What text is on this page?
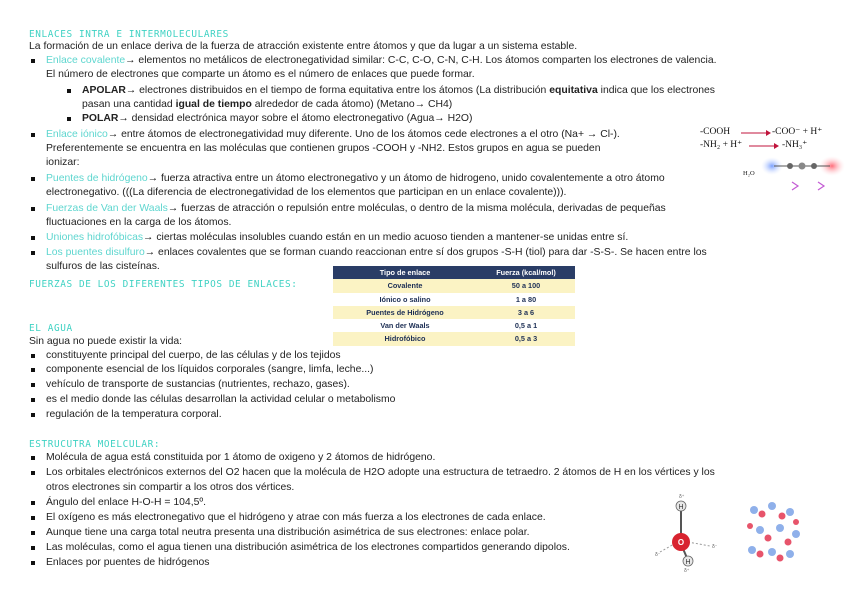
ENLACES INTRA E INTERMOLECULARES
La formación de un enlace deriva de la fuerza de atracción existente entre átomos y que da lugar a un sistema estable.
Enlace covalente→ elementos no metálicos de electronegatividad similar: C-C, C-O, C-N, C-H. Los átomos comparten los electrones de valencia.
El número de electrones que comparte un átomo es el número de enlaces que puede formar.
APOLAR→ electrones distribuidos en el tiempo de forma equitativa entre los átomos (La distribución equitativa indica que los electrones
pasan una cantidad igual de tiempo alrededor de cada átomo) (Metano→ CH4)
POLAR→ densidad electrónica mayor sobre el átomo electronegativo (Agua→ H2O)
Enlace iónico→ entre átomos de electronegatividad muy diferente. Uno de los átomos cede electrones a el otro (Na+ → Cl-).
Preferentemente se encuentra en las moléculas que contienen grupos -COOH y -NH2. Estos grupos en agua se pueden
ionizar:
-COOH	-COO⁻ + H⁺
-NH₂ + H⁺	-NH₃⁺
H₂O
Puentes de hidrógeno→ fuerza atractiva entre un átomo electronegativo y un átomo de hidrogeno, unido covalentemente a otro átomo
electronegativo. (((La diferencia de electronegatividad de los elementos que participan en un enlace covalente))).
Fuerzas de Van der Waals→ fuerzas de atracción o repulsión entre moléculas, o dentro de la misma molécula, derivadas de pequeñas
fluctuaciones en la carga de los átomos.
Uniones hidrofóbicas→ ciertas moléculas insolubles cuando están en un medio acuoso tienden a mantener-se unidas entre sí.
Los puentes disulfuro→ enlaces covalentes que se forman cuando reaccionan entre sí dos grupos -S-H (tiol) para dar -S-S-. Se hacen entre los
sulfuros de las cisteínas.
FUERZAS DE LOS DIFERENTES TIPOS DE ENLACES:
Tipo de enlace	Fuerza (kcal/mol)
Covalente	50 a 100
Iónico o salino	1 a 80
Puentes de Hidrógeno	3 a 6
Van der Waals	0,5 a 1
Hidrofóbico	0,5 a 3
EL AGUA
Sin agua no puede existir la vida:
constituyente principal del cuerpo, de las células y de los tejidos
componente esencial de los líquidos corporales (sangre, limfa, leche...)
vehículo de transporte de sustancias (nutrientes, rechazo, gases).
es el medio donde las células desarrollan la actividad celular o metabolismo
regulación de la temperatura corporal.
ESTRUCUTRA MOELCULAR:
Molécula de agua está constituida por 1 átomo de oxigeno y 2 átomos de hidrógeno.
Los orbitales electrónicos externos del O2 hacen que la molécula de H2O adopte una estructura de tetraedro. 2 átomos de H en los vértices y los
otros electrones sin compartir a los otros dos vértices.
Ángulo del enlace H-O-H = 104,5º.
El oxígeno es más electronegativo que el hidrógeno y atrae con más fuerza a los electrones de cada enlace.
Aunque tiene una carga total neutra presenta una distribución asimétrica de sus electrones: enlace polar.
Las moléculas, como el agua tienen una distribución asimétrica de los electrones compartidos generando dipolos.
Enlaces por puentes de hidrógenos
H
O
H
δ⁺
δ⁻
δ⁻
δ⁺
